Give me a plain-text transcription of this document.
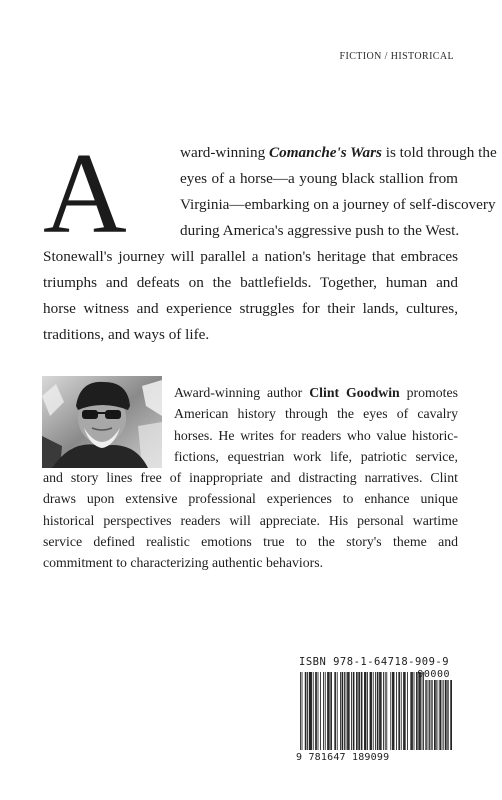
FICTION / HISTORICAL
A	ward-winning Comanche's Wars is told through the
eyes of a horse—a young black stallion from
Virginia—embarking on a journey of self-discovery
during America's aggressive push to the West.
Stonewall's journey will parallel a nation's heritage that embraces
triumphs and defeats on the battlefields. Together, human and
horse witness and experience struggles for their lands, cultures,
traditions, and ways of life.
Award-winning author Clint Goodwin promotes
American history through the eyes of cavalry
horses. He writes for readers who value historic-
fictions, equestrian work life, patriotic service,
and story lines free of inappropriate and distracting narratives. Clint
draws upon extensive professional experiences to enhance unique
historical perspectives readers will appreciate. His personal wartime
service defined realistic emotions true to the story's theme and
commitment to characterizing authentic behaviors.
ISBN 978-1-64718-909-9
90000
9 781647 189099
